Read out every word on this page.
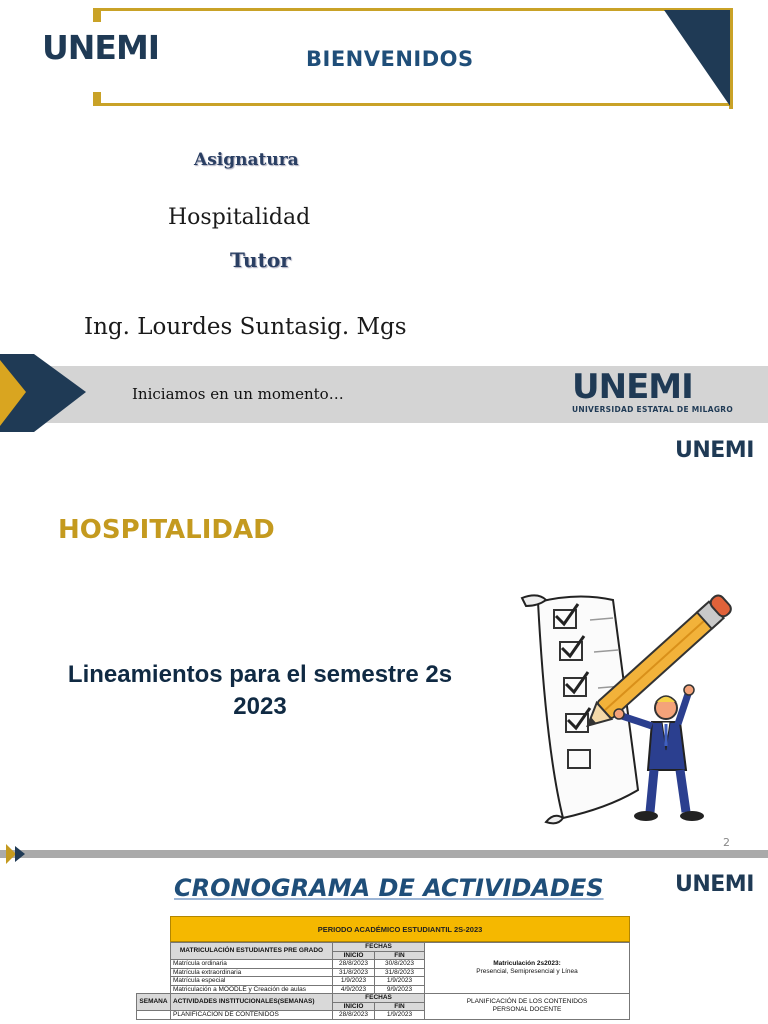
UNEMI	BIENVENIDOS
Asignatura
Hospitalidad
Tutor
Ing. Lourdes Suntasig. Mgs
Iniciamos en un momento…	UNEMI
UNIVERSIDAD ESTATAL DE MILAGRO
UNEMI
HOSPITALIDAD
Lineamientos para el semestre 2s
2023
2
CRONOGRAMA DE ACTIVIDADES	UNEMI
PERIODO ACADÉMICO ESTUDIANTIL 2S-2023
	MATRICULACIÓN ESTUDIANTES PRE GRADO	FECHAS		Matriculación 2s2023:
Presencial, Semipresencial y Línea
		INICIO	FIN	
	Matrícula ordinaria	28/8/2023	30/8/2023	
	Matrícula extraordinaria	31/8/2023	31/8/2023	
	Matrícula especial	1/9/2023	1/9/2023	
	Matriculación a MOODLE y Creación de aulas	4/9/2023	9/9/2023	
SEMANA	ACTIVIDADES INSTITUCIONALES(SEMANAS)	FECHAS		PLANIFICACIÓN DE LOS CONTENIDOS
PERSONAL DOCENTE
		INICIO	FIN	
	PLANIFICACIÓN DE CONTENIDOS	28/8/2023	1/9/2023	
